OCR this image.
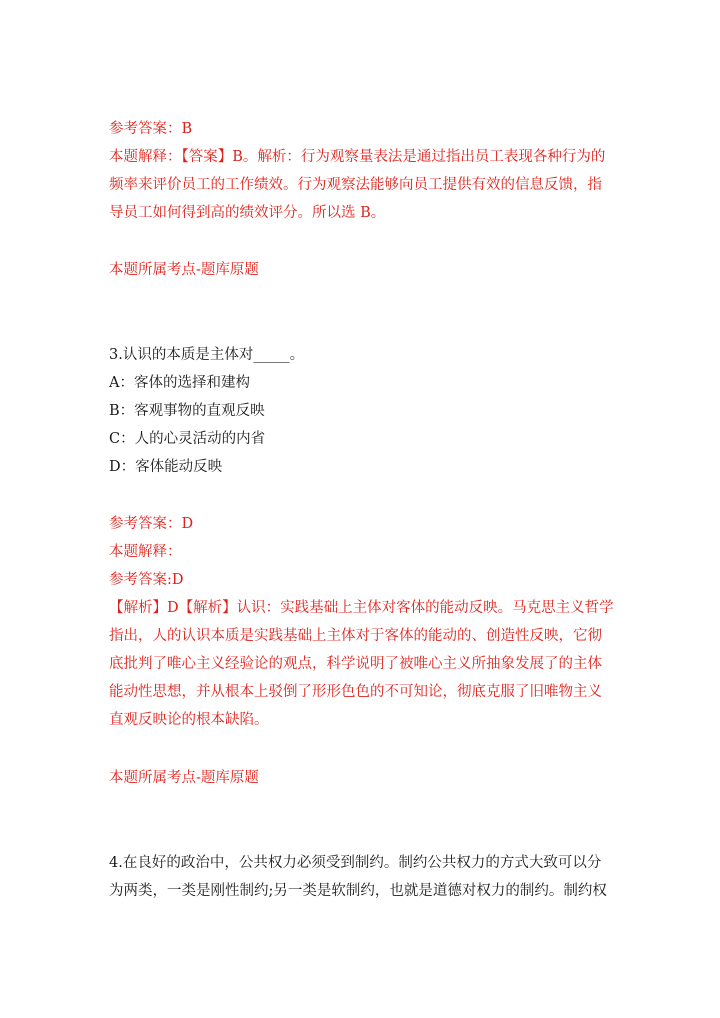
参考答案：B
本题解释：【答案】B。解析：行为观察量表法是通过指出员工表现各种行为的
频率来评价员工的工作绩效。行为观察法能够向员工提供有效的信息反馈，指
导员工如何得到高的绩效评分。所以选 B。
本题所属考点-题库原题
3.认识的本质是主体对_____。
A：客体的选择和建构
B：客观事物的直观反映
C：人的心灵活动的内省
D：客体能动反映
参考答案：D
本题解释：
参考答案:D
【解析】D【解析】认识：实践基础上主体对客体的能动反映。马克思主义哲学
指出，人的认识本质是实践基础上主体对于客体的能动的、创造性反映，它彻
底批判了唯心主义经验论的观点，科学说明了被唯心主义所抽象发展了的主体
能动性思想，并从根本上驳倒了形形色色的不可知论，彻底克服了旧唯物主义
直观反映论的根本缺陷。
本题所属考点-题库原题
4.在良好的政治中，公共权力必须受到制约。制约公共权力的方式大致可以分
为两类，一类是刚性制约;另一类是软制约，也就是道德对权力的制约。制约权
